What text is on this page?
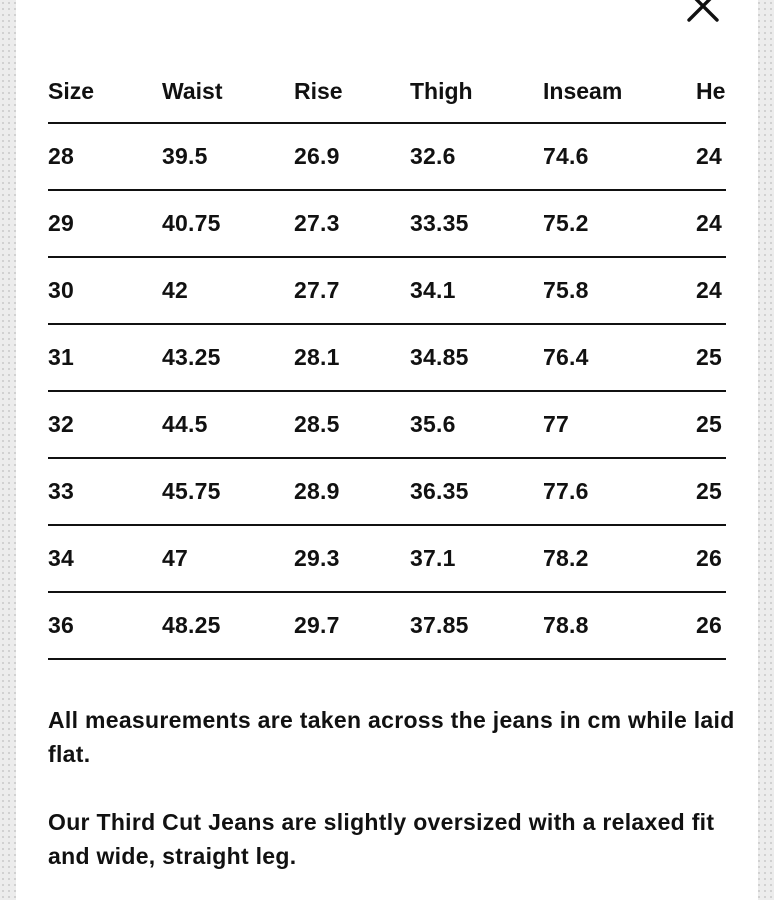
Size	Waist	Rise	Thigh	Inseam	He
28	39.5	26.9	32.6	74.6	24
29	40.75	27.3	33.35	75.2	24
30	42	27.7	34.1	75.8	24
31	43.25	28.1	34.85	76.4	25
32	44.5	28.5	35.6	77	25
33	45.75	28.9	36.35	77.6	25
34	47	29.3	37.1	78.2	26
36	48.25	29.7	37.85	78.8	26

All measurements are taken across the jeans in cm while laid flat.

Our Third Cut Jeans are slightly oversized with a relaxed fit and wide, straight leg.
